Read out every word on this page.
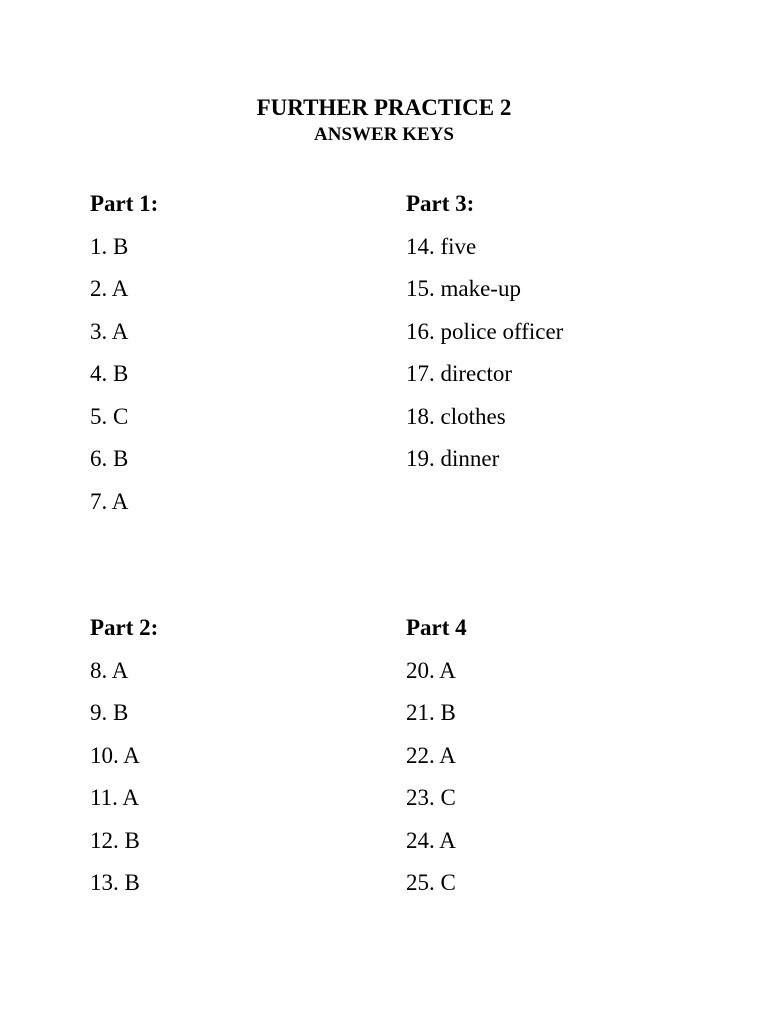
FURTHER PRACTICE 2
ANSWER KEYS
Part 1:
1. B
2. A
3. A
4. B
5. C
6. B
7. A
Part 3:
14. five
15. make-up
16. police officer
17. director
18. clothes
19. dinner
Part 2:
8. A
9. B
10. A
11. A
12. B
13. B
Part 4
20. A
21. B
22. A
23. C
24. A
25. C
